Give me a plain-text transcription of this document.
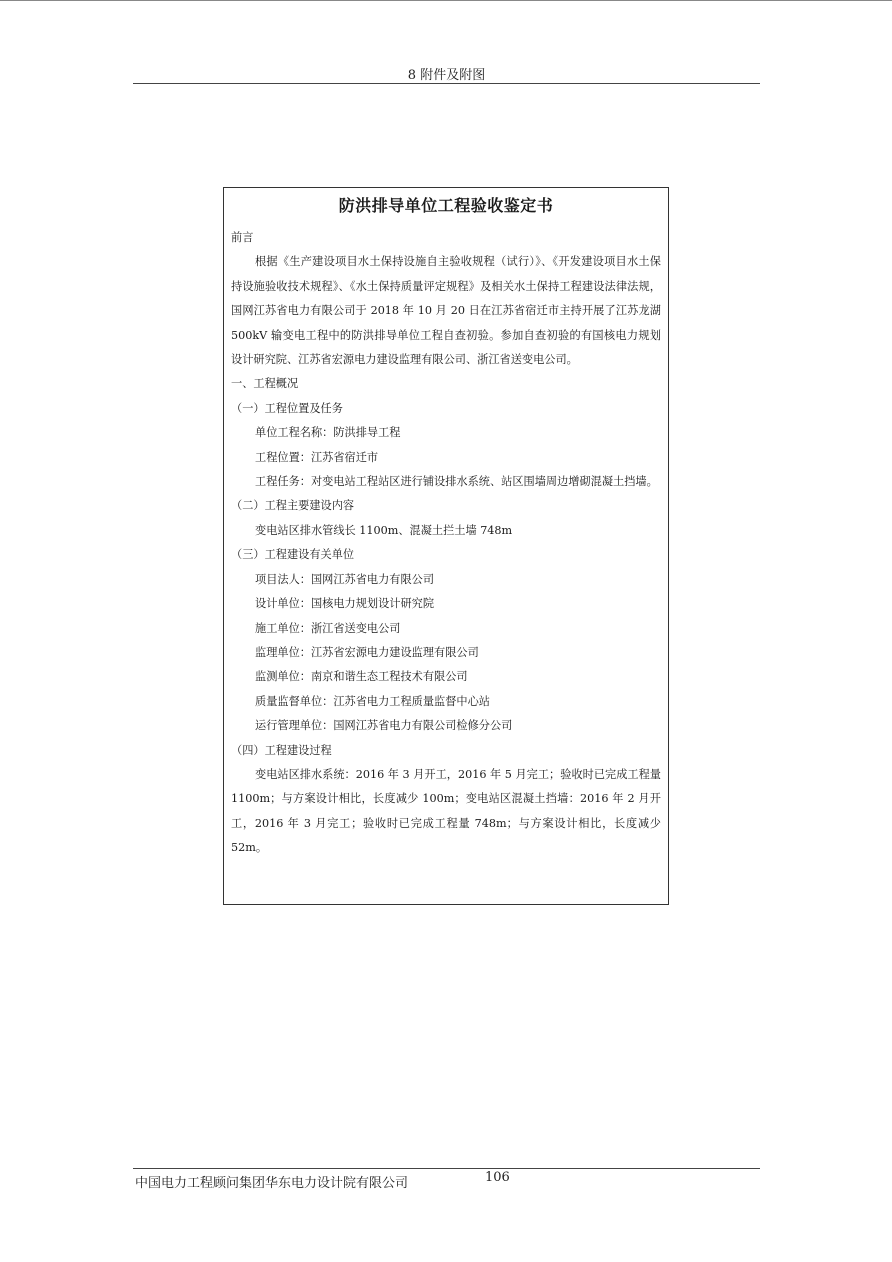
8 附件及附图
防洪排导单位工程验收鉴定书

前言

根据《生产建设项目水土保持设施自主验收规程（试行）》、《开发建设项目水土保持设施验收技术规程》、《水土保持质量评定规程》及相关水土保持工程建设法律法规，国网江苏省电力有限公司于 2018 年 10 月 20 日在江苏省宿迁市主持开展了江苏龙湖 500kV 输变电工程中的防洪排导单位工程自查初验。参加自查初验的有国核电力规划设计研究院、江苏省宏源电力建设监理有限公司、浙江省送变电公司。

一、工程概况

（一）工程位置及任务

单位工程名称：防洪排导工程

工程位置：江苏省宿迁市

工程任务：对变电站工程站区进行铺设排水系统、站区围墙周边增砌混凝土挡墙。

（二）工程主要建设内容

变电站区排水管线长 1100m、混凝土拦土墙 748m

（三）工程建设有关单位

项目法人：国网江苏省电力有限公司

设计单位：国核电力规划设计研究院

施工单位：浙江省送变电公司

监理单位：江苏省宏源电力建设监理有限公司

监测单位：南京和谐生态工程技术有限公司

质量监督单位：江苏省电力工程质量监督中心站

运行管理单位：国网江苏省电力有限公司检修分公司

（四）工程建设过程

变电站区排水系统：2016 年 3 月开工，2016 年 5 月完工；验收时已完成工程量 1100m；与方案设计相比，长度减少 100m；变电站区混凝土挡墙：2016 年 2 月开工，2016 年 3 月完工；验收时已完成工程量 748m；与方案设计相比，长度减少 52m。

中国电力工程顾问集团华东电力设计院有限公司	106
